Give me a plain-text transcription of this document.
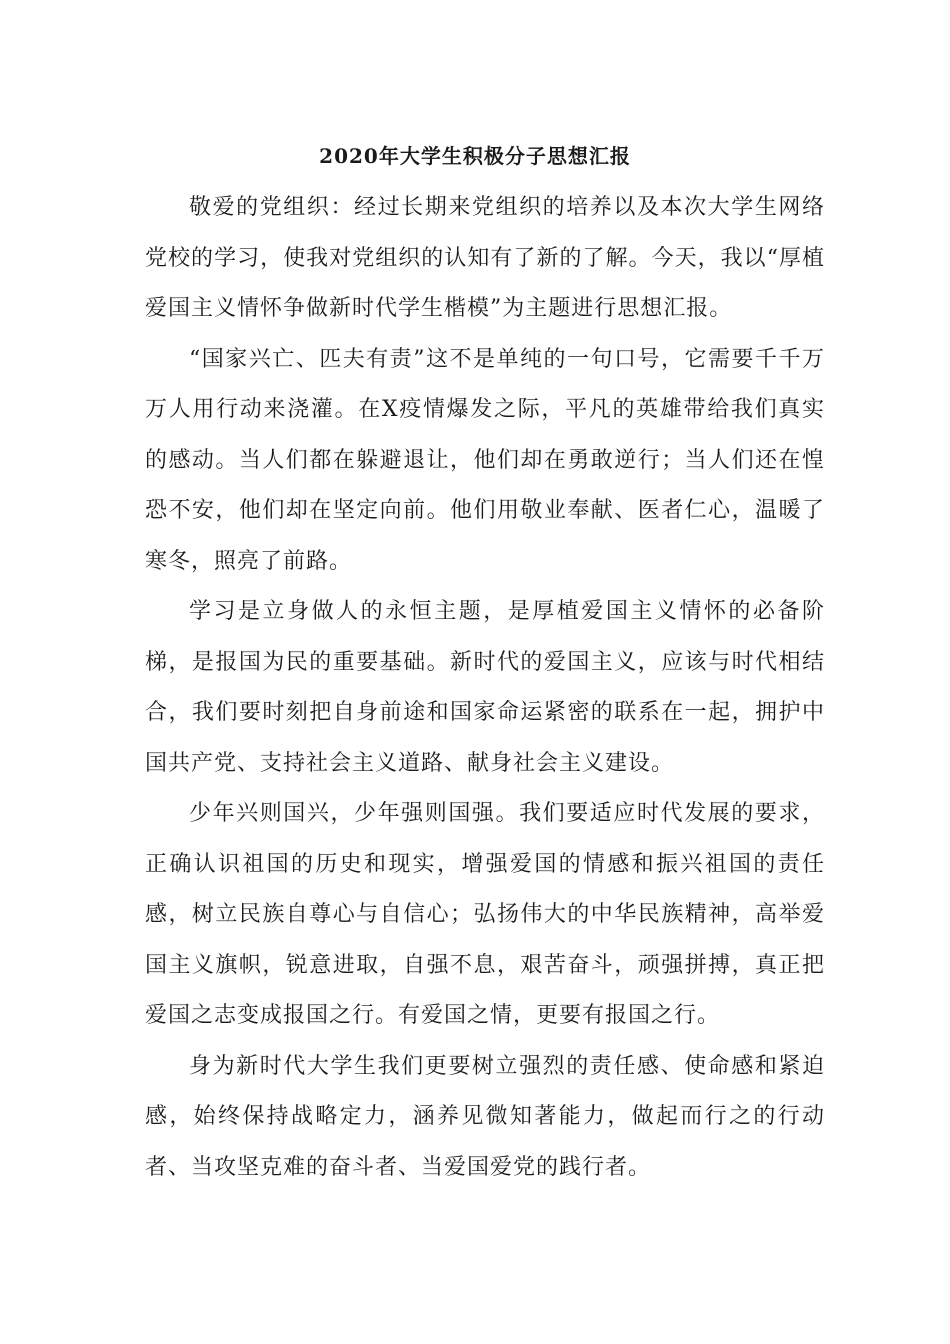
2020年大学生积极分子思想汇报

敬爱的党组织：经过长期来党组织的培养以及本次大学生网络党校的学习，使我对党组织的认知有了新的了解。今天，我以“厚植爱国主义情怀争做新时代学生楷模”为主题进行思想汇报。

“国家兴亡、匹夫有责”这不是单纯的一句口号，它需要千千万万人用行动来浇灌。在X疫情爆发之际，平凡的英雄带给我们真实的感动。当人们都在躲避退让，他们却在勇敢逆行；当人们还在惶恐不安，他们却在坚定向前。他们用敬业奉献、医者仁心，温暖了寒冬，照亮了前路。

学习是立身做人的永恒主题，是厚植爱国主义情怀的必备阶梯，是报国为民的重要基础。新时代的爱国主义，应该与时代相结合，我们要时刻把自身前途和国家命运紧密的联系在一起，拥护中国共产党、支持社会主义道路、献身社会主义建设。

少年兴则国兴，少年强则国强。我们要适应时代发展的要求，正确认识祖国的历史和现实，增强爱国的情感和振兴祖国的责任感，树立民族自尊心与自信心；弘扬伟大的中华民族精神，高举爱国主义旗帜，锐意进取，自强不息，艰苦奋斗，顽强拼搏，真正把爱国之志变成报国之行。有爱国之情，更要有报国之行。

身为新时代大学生我们更要树立强烈的责任感、使命感和紧迫感，始终保持战略定力，涵养见微知著能力，做起而行之的行动者、当攻坚克难的奋斗者、当爱国爱党的践行者。
